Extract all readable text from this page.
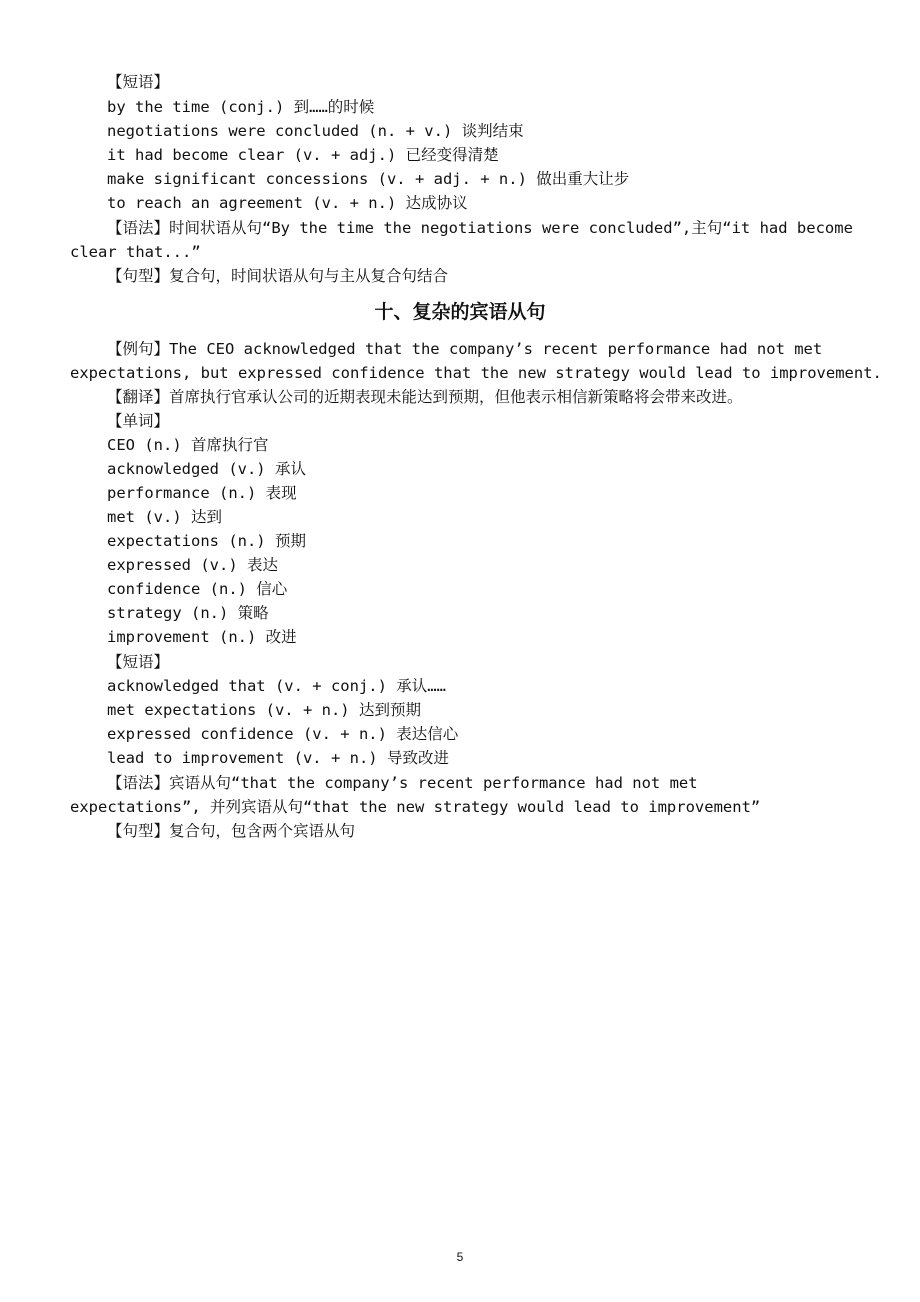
【短语】
by the time (conj.) 到……的时候
negotiations were concluded (n. + v.) 谈判结束
it had become clear (v. + adj.) 已经变得清楚
make significant concessions (v. + adj. + n.) 做出重大让步
to reach an agreement (v. + n.) 达成协议
【语法】时间状语从句“By the time the negotiations were concluded”,主句“it had become
clear that...”
【句型】复合句，时间状语从句与主从复合句结合
十、复杂的宾语从句
【例句】The CEO acknowledged that the company’s recent performance had not met
expectations, but expressed confidence that the new strategy would lead to improvement.
【翻译】首席执行官承认公司的近期表现未能达到预期，但他表示相信新策略将会带来改进。
【单词】
CEO (n.) 首席执行官
acknowledged (v.) 承认
performance (n.) 表现
met (v.) 达到
expectations (n.) 预期
expressed (v.) 表达
confidence (n.) 信心
strategy (n.) 策略
improvement (n.) 改进
【短语】
acknowledged that (v. + conj.) 承认……
met expectations (v. + n.) 达到预期
expressed confidence (v. + n.) 表达信心
lead to improvement (v. + n.) 导致改进
【语法】宾语从句“that the company’s recent performance had not met
expectations”, 并列宾语从句“that the new strategy would lead to improvement”
【句型】复合句，包含两个宾语从句
5
